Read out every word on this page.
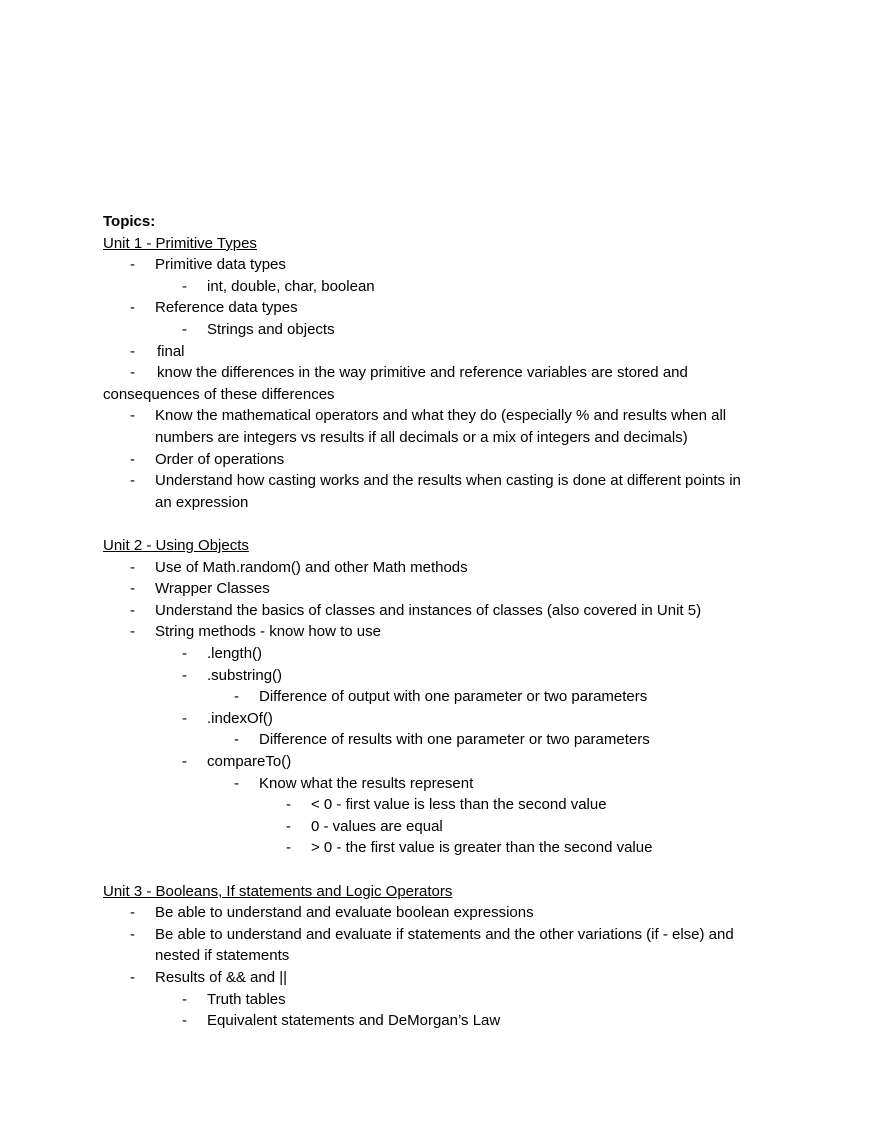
Topics:
Unit 1 - Primitive Types
- Primitive data types
- int, double, char, boolean
- Reference data types
- Strings and objects
- final
- know the differences in the way primitive and reference variables are stored and
consequences of these differences
- Know the mathematical operators and what they do (especially % and results when all
numbers are integers vs results if all decimals or a mix of integers and decimals)
- Order of operations
- Understand how casting works and the results when casting is done at different points in
an expression
Unit 2 - Using Objects
- Use of Math.random() and other Math methods
- Wrapper Classes
- Understand the basics of classes and instances of classes (also covered in Unit 5)
- String methods - know how to use
- .length()
- .substring()
- Difference of output with one parameter or two parameters
- .indexOf()
- Difference of results with one parameter or two parameters
- compareTo()
- Know what the results represent
- < 0 - first value is less than the second value
- 0 - values are equal
- > 0 - the first value is greater than the second value
Unit 3 - Booleans, If statements and Logic Operators
- Be able to understand and evaluate boolean expressions
- Be able to understand and evaluate if statements and the other variations (if - else) and
nested if statements
- Results of && and ||
- Truth tables
- Equivalent statements and DeMorgan’s Law
